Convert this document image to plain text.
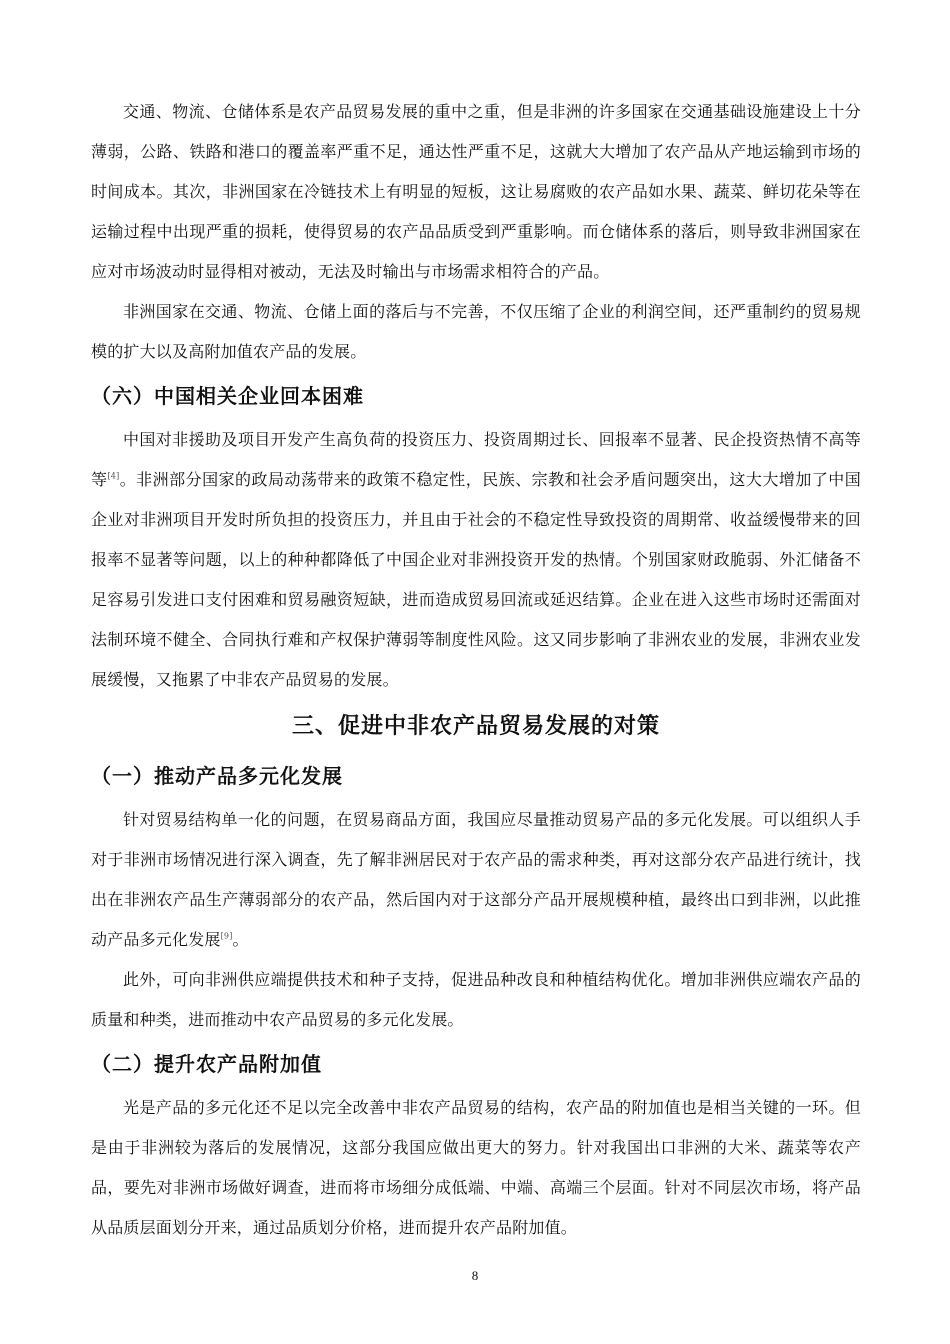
交通、物流、仓储体系是农产品贸易发展的重中之重，但是非洲的许多国家在交通基础设施建设上十分薄弱，公路、铁路和港口的覆盖率严重不足，通达性严重不足，这就大大增加了农产品从产地运输到市场的时间成本。其次，非洲国家在冷链技术上有明显的短板，这让易腐败的农产品如水果、蔬菜、鲜切花朵等在运输过程中出现严重的损耗，使得贸易的农产品品质受到严重影响。而仓储体系的落后，则导致非洲国家在应对市场波动时显得相对被动，无法及时输出与市场需求相符合的产品。

非洲国家在交通、物流、仓储上面的落后与不完善，不仅压缩了企业的利润空间，还严重制约的贸易规模的扩大以及高附加值农产品的发展。

（六）中国相关企业回本困难

中国对非援助及项目开发产生高负荷的投资压力、投资周期过长、回报率不显著、民企投资热情不高等等[4]。非洲部分国家的政局动荡带来的政策不稳定性，民族、宗教和社会矛盾问题突出，这大大增加了中国企业对非洲项目开发时所负担的投资压力，并且由于社会的不稳定性导致投资的周期常、收益缓慢带来的回报率不显著等问题，以上的种种都降低了中国企业对非洲投资开发的热情。个别国家财政脆弱、外汇储备不足容易引发进口支付困难和贸易融资短缺，进而造成贸易回流或延迟结算。企业在进入这些市场时还需面对法制环境不健全、合同执行难和产权保护薄弱等制度性风险。这又同步影响了非洲农业的发展，非洲农业发展缓慢，又拖累了中非农产品贸易的发展。

三、促进中非农产品贸易发展的对策
（一）推动产品多元化发展

针对贸易结构单一化的问题，在贸易商品方面，我国应尽量推动贸易产品的多元化发展。可以组织人手对于非洲市场情况进行深入调查，先了解非洲居民对于农产品的需求种类，再对这部分农产品进行统计，找出在非洲农产品生产薄弱部分的农产品，然后国内对于这部分产品开展规模种植，最终出口到非洲，以此推动产品多元化发展[9]。

此外，可向非洲供应端提供技术和种子支持，促进品种改良和种植结构优化。增加非洲供应端农产品的质量和种类，进而推动中农产品贸易的多元化发展。

（二）提升农产品附加值

光是产品的多元化还不足以完全改善中非农产品贸易的结构，农产品的附加值也是相当关键的一环。但是由于非洲较为落后的发展情况，这部分我国应做出更大的努力。针对我国出口非洲的大米、蔬菜等农产品，要先对非洲市场做好调查，进而将市场细分成低端、中端、高端三个层面。针对不同层次市场，将产品从品质层面划分开来，通过品质划分价格，进而提升农产品附加值。

8
